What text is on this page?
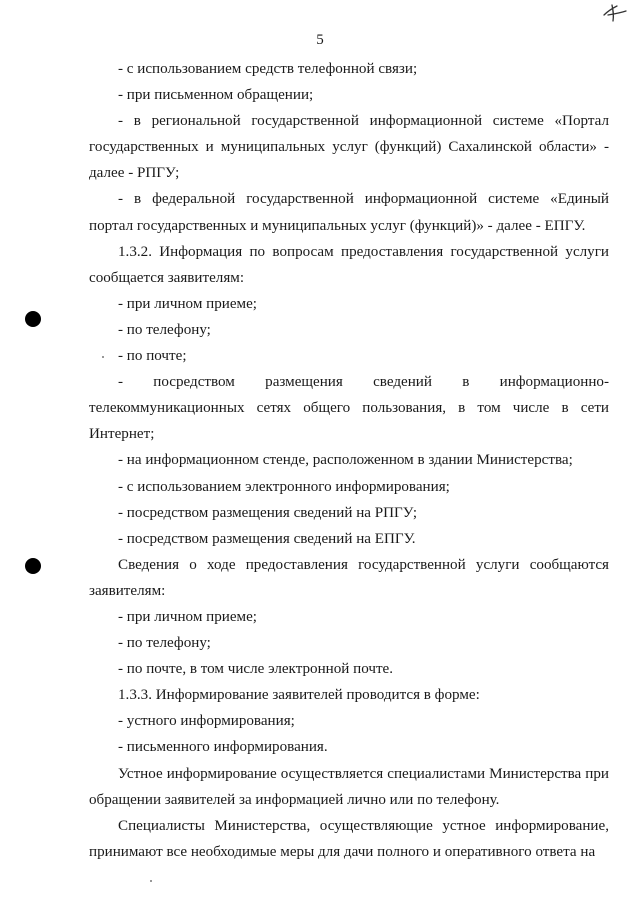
5

- с использованием средств телефонной связи;

- при письменном обращении;

- в региональной государственной информационной системе «Портал государственных и муниципальных услуг (функций) Сахалинской области» - далее - РПГУ;

- в федеральной государственной информационной системе «Единый портал государственных и муниципальных услуг (функций)» - далее - ЕПГУ.

1.3.2. Информация по вопросам предоставления государственной услуги сообщается заявителям:

- при личном приеме;

- по телефону;

- по почте;

- посредством размещения сведений в информационно-телекоммуникационных сетях общего пользования, в том числе в сети Интернет;

- на информационном стенде, расположенном в здании Министерства;

- с использованием электронного информирования;

- посредством размещения сведений на РПГУ;

- посредством размещения сведений на ЕПГУ.

Сведения о ходе предоставления государственной услуги сообщаются заявителям:

- при личном приеме;

- по телефону;

- по почте, в том числе электронной почте.

1.3.3. Информирование заявителей проводится в форме:

- устного информирования;

- письменного информирования.

Устное информирование осуществляется специалистами Министерства при обращении заявителей за информацией лично или по телефону.

Специалисты Министерства, осуществляющие устное информирование, принимают все необходимые меры для дачи полного и оперативного ответа на
